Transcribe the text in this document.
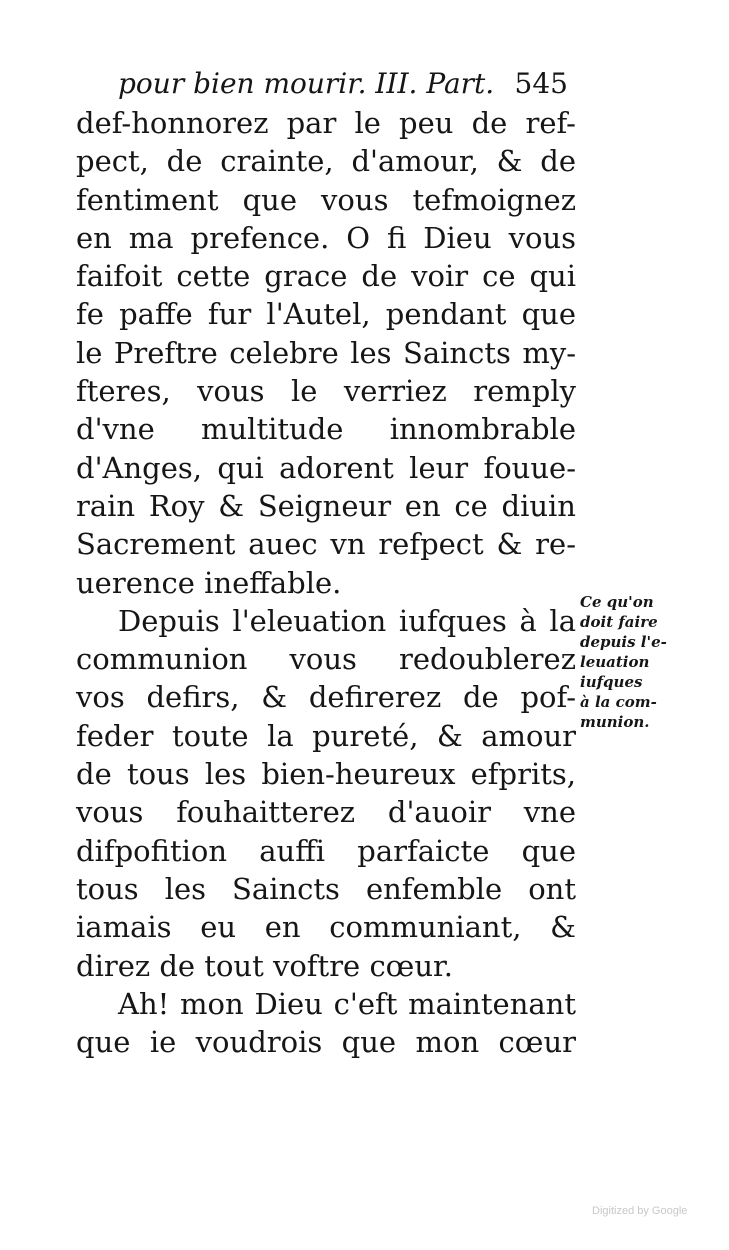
pour bien mourir. III. Part. 545
def-honnorez par le peu de ref-
pect, de crainte, d'amour, & de
fentiment que vous tefmoignez
en ma prefence. O fi Dieu vous
faifoit cette grace de voir ce qui
fe paffe fur l'Autel, pendant que
le Preftre celebre les Saincts my-
fteres, vous le verriez remply
d'vne multitude innombrable
d'Anges, qui adorent leur fouue-
rain Roy & Seigneur en ce diuin
Sacrement auec vn refpect & re-
uerence ineffable.
Depuis l'eleuation iufques à la
communion vous redoublerez
vos defirs, & defirerez de pof-
feder toute la pureté, & amour
de tous les bien-heureux efprits,
vous fouhaitterez d'auoir vne
difpofition auffi parfaicte que
tous les Saincts enfemble ont
iamais eu en communiant, &
direz de tout voftre cœur.
Ah! mon Dieu c'eft maintenant
que ie voudrois que mon cœur
Ce qu'on
doit faire
depuis l'e-
leuation
iufques
à la com-
munion.
Digitized by Google
